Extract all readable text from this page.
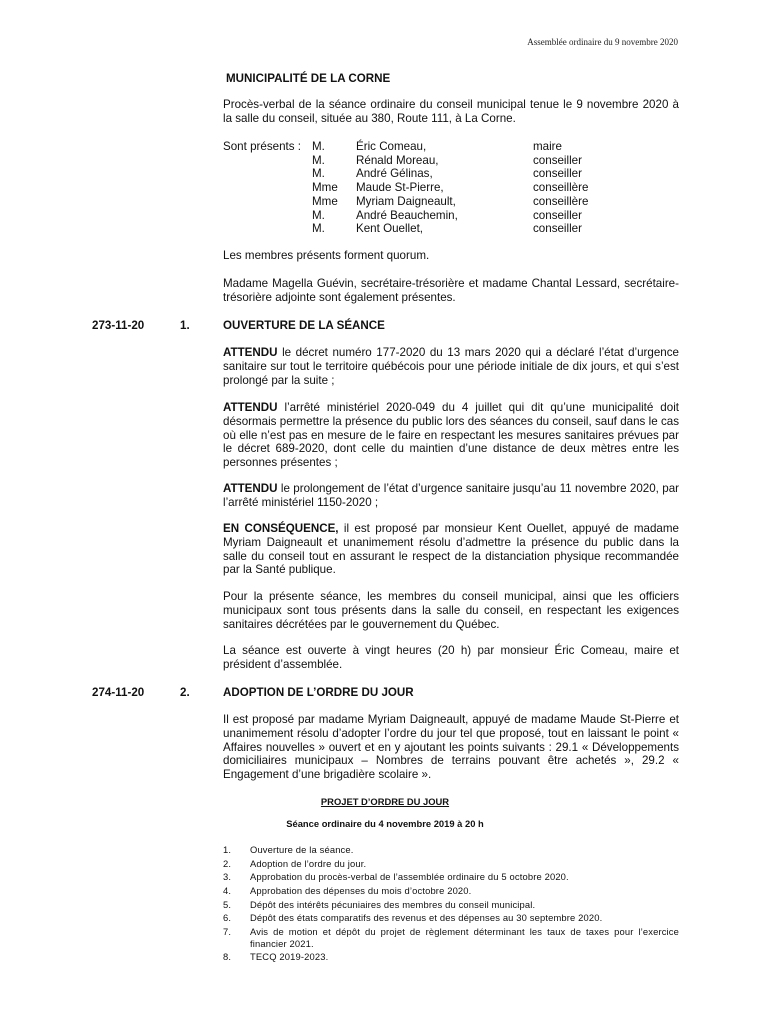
Assemblée ordinaire du 9 novembre 2020
MUNICIPALITÉ DE LA CORNE
Procès-verbal de la séance ordinaire du conseil municipal tenue le 9 novembre 2020 à la salle du conseil, située au 380, Route 111, à La Corne.
Sont présents : M.	Éric Comeau,	maire
M.	Rénald Moreau,	conseiller
M.	André Gélinas,	conseiller
Mme Maude St-Pierre,	conseillère
Mme Myriam Daigneault,	conseillère
M.	André Beauchemin,	conseiller
M.	Kent Ouellet,	conseiller
Les membres présents forment quorum.
Madame Magella Guévin, secrétaire-trésorière et madame Chantal Lessard, secrétaire-trésorière adjointe sont également présentes.
273-11-20	1.	OUVERTURE DE LA SÉANCE
ATTENDU le décret numéro 177-2020 du 13 mars 2020 qui a déclaré l’état d’urgence sanitaire sur tout le territoire québécois pour une période initiale de dix jours, et qui s’est prolongé par la suite ;
ATTENDU l’arrêté ministériel 2020-049 du 4 juillet qui dit qu’une municipalité doit désormais permettre la présence du public lors des séances du conseil, sauf dans le cas où elle n’est pas en mesure de le faire en respectant les mesures sanitaires prévues par le décret 689-2020, dont celle du maintien d’une distance de deux mètres entre les personnes présentes ;
ATTENDU le prolongement de l’état d’urgence sanitaire jusqu’au 11 novembre 2020, par l’arrêté ministériel 1150-2020 ;
EN CONSÉQUENCE, il est proposé par monsieur Kent Ouellet, appuyé de madame Myriam Daigneault et unanimement résolu d’admettre la présence du public dans la salle du conseil tout en assurant le respect de la distanciation physique recommandée par la Santé publique.
Pour la présente séance, les membres du conseil municipal, ainsi que les officiers municipaux sont tous présents dans la salle du conseil, en respectant les exigences sanitaires décrétées par le gouvernement du Québec.
La séance est ouverte à vingt heures (20 h) par monsieur Éric Comeau, maire et président d’assemblée.
274-11-20	2.	ADOPTION DE L’ORDRE DU JOUR
Il est proposé par madame Myriam Daigneault, appuyé de madame Maude St-Pierre et unanimement résolu d’adopter l’ordre du jour tel que proposé, tout en laissant le point « Affaires nouvelles » ouvert et en y ajoutant les points suivants : 29.1 « Développements domiciliaires municipaux – Nombres de terrains pouvant être achetés », 29.2 « Engagement d’une brigadière scolaire ».
PROJET D’ORDRE DU JOUR
Séance ordinaire du 4 novembre 2019 à 20 h
1. Ouverture de la séance.
2. Adoption de l’ordre du jour.
3. Approbation du procès-verbal de l’assemblée ordinaire du 5 octobre 2020.
4. Approbation des dépenses du mois d’octobre 2020.
5. Dépôt des intérêts pécuniaires des membres du conseil municipal.
6. Dépôt des états comparatifs des revenus et des dépenses au 30 septembre 2020.
7. Avis de motion et dépôt du projet de règlement déterminant les taux de taxes pour l’exercice financier 2021.
8. TECQ 2019-2023.
